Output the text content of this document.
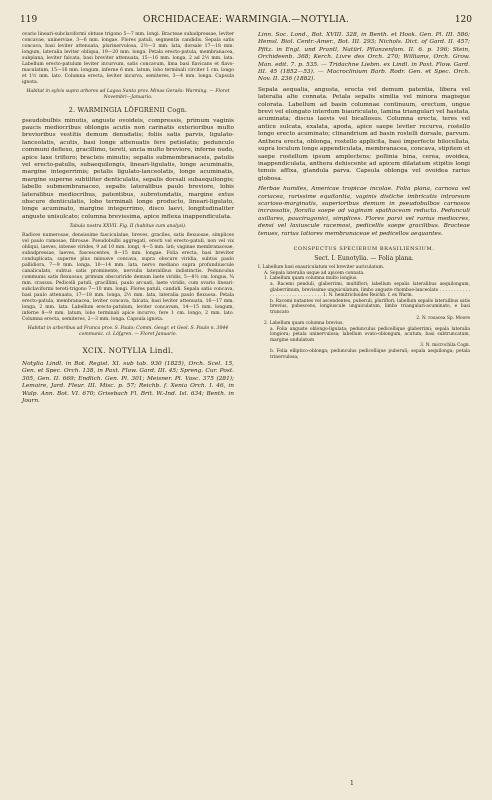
119	ORCHIDACEAE: WARMINGIA.—NOTYLIA.	120

ovario lineari-subclaviformi obtuse trigono 5—7 mm. longi. Bracteae subadpressae, leviter concavae, uninerviae, 3—6 mm. longae. Flores patuli, segmentis candidis. Sepala satis concava, basi leviter attenuata, plurinervulosa, 2½—3 mm. lata, dorsale 17—18 mm. longum, lateralia leviter obliqua, 19—20 mm. longa. Petala erecto-patula, membranacea, subplana, leviter falcata, basi breviter attenuata, 15—16 mm. longa, 2 ad 2½ mm. lata. Labellum erecto-patulum leviter incurvum, satis concavum, lima basi flavicans et flavo-maculatum, 15—16 mm. longum, inferne 6 mm. latum, lobo terminali circiter 1 cm. longo et 1½ mm. lato. Columna erecta, leviter incurva, semiteres, 3—4 mm. longa. Capsula ignota.

Habitat in sylvis supra arbores ad Lagoa Santa prov. Minas Geraës: Warming. — Floret Novembri—Januario.

2. WARMINGIA LÖFGRENII Cogn.

pseudobulbis minutis, anguste ovoideis, compressis, primum vaginis paucis mediocribus oblongis acutis non carinatis exterioribus multo brevioribus vestitis demum denudatis; foliis satis parvis, ligulato-lanceolatis, acutis, basi longe attenuatis fere petiolatis; pedunculo communi deflexo, gracillimo, tereti, uncia multo breviore, inferne nudo, apice laxe trifloro; bracteis minutis; sepalis submembranaceis, patulis vel erecto-patulis, subaequilongis, lineari-ligulatis, longe acuminatis, margine integerrimis; petalis ligulato-lanceolatis, longe acuminatis, margine superne subtiliter denticulatis, sepalis dorsali subaequilongis; labello submembranaceo, sepalis lateralibus paulo breviore, lobis lateralibus mediocribus, patentibus, subrotundatis, margine extus obscure denticulatis, lobo terminali longe producto, lineari-ligulato, longe acuminato, margine integerrimo, disco laevi, longitudinaliter anguste unisulcato; columna brevissima, apice inflexa inappendiculata.

Tabula nostra XXVII. Fig. II (habitus cum analysi).

Radices numerosae, densissime fasciculatae, breves, graciles, satis flexuosae, simplices vel paulo ramosae, fibrosae. Pseudobulbi aggregati, erecti vel erecto-patuli, non vel vix obliqui, laeves, intense virides, 9 ad 10 mm. longi, 4—5 mm. lati; vaginae membranaceae, subadpressae, laeves, fuscescentes, 8—15 mm. longae. Folia erecta, basi breviter conduplicata, superne plus minusve concava, supra obscure viridia, subtus paulo pallidiora, 7—9 mm. longa, 10—14 mm. lata, nervo mediano supra profundiuscule canaliculato, subtus satis prominente, nervulis lateralibus indistinctis. Pedunculus communis satis flexuosus, primum obscuriride demum laete viridis, 5—8½ cm. longus, ¾ mm. crassus. Pedicelli patuli, gracillimi, paulo arcuati, laete viridis, cum ovario lineari-subclaviformi tereti-trigono 7—10 mm. longi. Flores patuli, candidi. Sepala satis concava, basi paulo attenuata, 17—18 mm. longa, 2½ mm. lata, lateralia paulo flexuosa. Petala erecto-patula, membranacea, leviter concava, falcata, basi leviter attenuata, 16—17 mm. longa, 2 mm. lata. Labellum erecto-patulum, leviter concavum, 14—15 mm. longum, inferne 8—9 mm. latum, lobo terminali apice incurvo, fere 1 cm. longo, 2 mm. lato. Columna erecta, semiteres, 2—3 mm. longa. Capsula ignota.

Habitat in arboribus ad Franca prov. S. Paulo: Comm. Geogr. et Geol. S. Paulo n. 3044 communic. cl. Löfgren. — Floret Januario.

XCIX. NOTYLIA Lindl.

Notylia Lindl. in Bot. Regist. XI. sub tab. 930 (1825), Orch. Scel. 15, Gen. et Spec. Orch. 138, in Paxt. Flow. Gard. III. 45; Spreng. Cur. Post. 305, Gen. II. 669; Endlich. Gen. Pl. 301; Meisner. Pl. Vasc. 375 (281); Lemaire, Jard. Fleur. III. Misc. p. 57; Reichb. f. Xenia Orch. I. 46, in Walp. Ann. Bot. VI. 670; Grisebach Fl. Brit. W.-Ind. Isl. 634; Benth. in Journ.

Linn. Soc. Lond., Bot. XVIII. 328, in Benth. et Hook. Gen. Pl. III. 586; Hemsl. Biol. Centr.-Amer., Bot. III. 293; Nichols. Dict. of Gard. II. 457; Pfitz. in Engl. und Prantl, Natürl. Pflanzenfam. II. 6. p. 196; Stein, Orchideenb. 368; Kerch. Livre des Orch. 270; Williams, Orch. Grow. Man. edit. 7. p. 535. — Tridachne Liebm. ex Lindl. in Paxt. Flow. Gard. III. 45 (1852—53). — Macroclinium Barb. Rodr. Gen. et Spec. Orch. Nov. II. 236 (1882).

Sepala aequalia, angusta, erecta vel demum patentia, libera vel lateralia alte connata. Petala sepalis similia vel minora magisque colorata. Labellum ad basin columnae continuum, erectum, ungue brevi vel elongato interdum biauriculato, lamina triangulari vel hastata, acuminata; discus laevis vel bicallosus. Columna erecta, teres vel antice sulcata, exalata, apoda, apice saepe leviter recurva, rostello longo erecto acuminato; clinandrium ad basin rostelli dorsale, parvum. Anthera erecta, oblonga, rostello applicita, basi imperfecte bilocellata, supra loculum longe appendiculata, membranacea, concava, stipitem et saepe rostellum ipsum amplectens; pollinia bina, cerea, ovoidea, inappendiculata, anthera dehiscente ad apicem dilatatum stipitis longi tenuis affixa, glandula parva. Capsula oblonga vel ovoidea rarius globosa.

Herbae humiles, Americae tropicae incolae. Folia plana, carnosa vel coriacea, rarissime equitantia, vaginis distiche imbricatis introrsum scarioso-marginatis, superioribus demum in pseudobulbos carnosos incrassatis, floralia saepe ad vaginam spathaceam reducta. Pedunculi axillares, pauciragonici, simplices. Flores parvi vel rarius mediocres, densi vel laxiuscule racemosi, pedicellis saepe gracilibus. Bracteae tenues, rarius latiores membranaceae et pedicellos aequantes.

CONSPECTUS SPECIERUM BRASILIENSIUM.
Sect. I. Eunotylia. — Folia plana.
I. Labellum basi exauriculatum vel breviter auriculatum.
A. Sepala lateralia usque ad apicem connata.
1. Labellum quam columna multo longius.
a. Racemi penduli, glaberrimi, multiflori; labellum sepalis lateralibus aequilongum, glaberrimum, brevissime unguiculatum, limbo anguste rhomboe-lanceolato . . . . . . . . . . . . . . . . . . . . . . . . . . . . . . 1. N. hemitrichoides Reichb. f. ex Warm.
b. Racemi nutantes vel ascendentes, puberuli, pluriflori; labellum sepalis lateralibus satis brevius, pubescens, longiuscule unguiculatum, limbo triangulari-acuminato, e basi truncato
2. N. rosacea Sp. Moore
2. Labellum quam columna brevius.
a. Folia anguste oblongo-ligulata; pedunculus pedicellique glaberrimi; sepala lateralia longiora; petala uninervulosa; labellum ovato-oblongum, acutum, basi subtruncatum, margine undulatum
3. N. microchila Cogn.
b. Folia elliptico-oblonga; pedunculus pedicellique puberuli; sepala aequilonga; petala trinervulosa;
1
